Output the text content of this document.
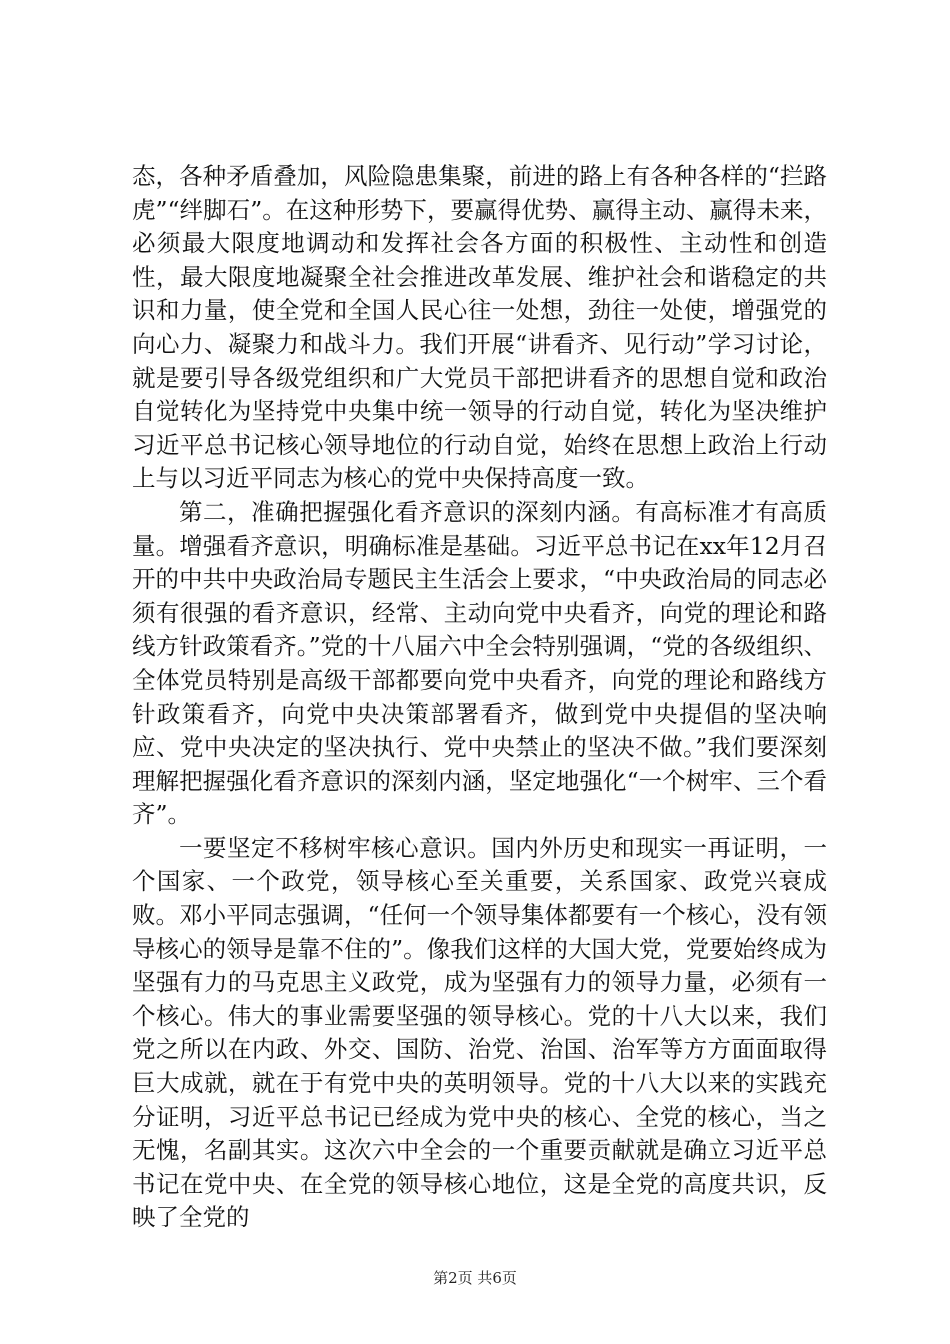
态，各种矛盾叠加，风险隐患集聚，前进的路上有各种各样的“拦路虎”“绊脚石”。在这种形势下，要赢得优势、赢得主动、赢得未来，必须最大限度地调动和发挥社会各方面的积极性、主动性和创造性，最大限度地凝聚全社会推进改革发展、维护社会和谐稳定的共识和力量，使全党和全国人民心往一处想，劲往一处使，增强党的向心力、凝聚力和战斗力。我们开展“讲看齐、见行动”学习讨论，就是要引导各级党组织和广大党员干部把讲看齐的思想自觉和政治自觉转化为坚持党中央集中统一领导的行动自觉，转化为坚决维护习近平总书记核心领导地位的行动自觉，始终在思想上政治上行动上与以习近平同志为核心的党中央保持高度一致。

第二，准确把握强化看齐意识的深刻内涵。有高标准才有高质量。增强看齐意识，明确标准是基础。习近平总书记在xx年12月召开的中共中央政治局专题民主生活会上要求，“中央政治局的同志必须有很强的看齐意识，经常、主动向党中央看齐，向党的理论和路线方针政策看齐。”党的十八届六中全会特别强调，“党的各级组织、全体党员特别是高级干部都要向党中央看齐，向党的理论和路线方针政策看齐，向党中央决策部署看齐，做到党中央提倡的坚决响应、党中央决定的坚决执行、党中央禁止的坚决不做。”我们要深刻理解把握强化看齐意识的深刻内涵，坚定地强化“一个树牢、三个看齐”。

一要坚定不移树牢核心意识。国内外历史和现实一再证明，一个国家、一个政党，领导核心至关重要，关系国家、政党兴衰成败。邓小平同志强调，“任何一个领导集体都要有一个核心，没有领导核心的领导是靠不住的”。像我们这样的大国大党，党要始终成为坚强有力的马克思主义政党，成为坚强有力的领导力量，必须有一个核心。伟大的事业需要坚强的领导核心。党的十八大以来，我们党之所以在内政、外交、国防、治党、治国、治军等方方面面取得巨大成就，就在于有党中央的英明领导。党的十八大以来的实践充分证明，习近平总书记已经成为党中央的核心、全党的核心，当之无愧，名副其实。这次六中全会的一个重要贡献就是确立习近平总书记在党中央、在全党的领导核心地位，这是全党的高度共识，反映了全党的

第2页 共6页
